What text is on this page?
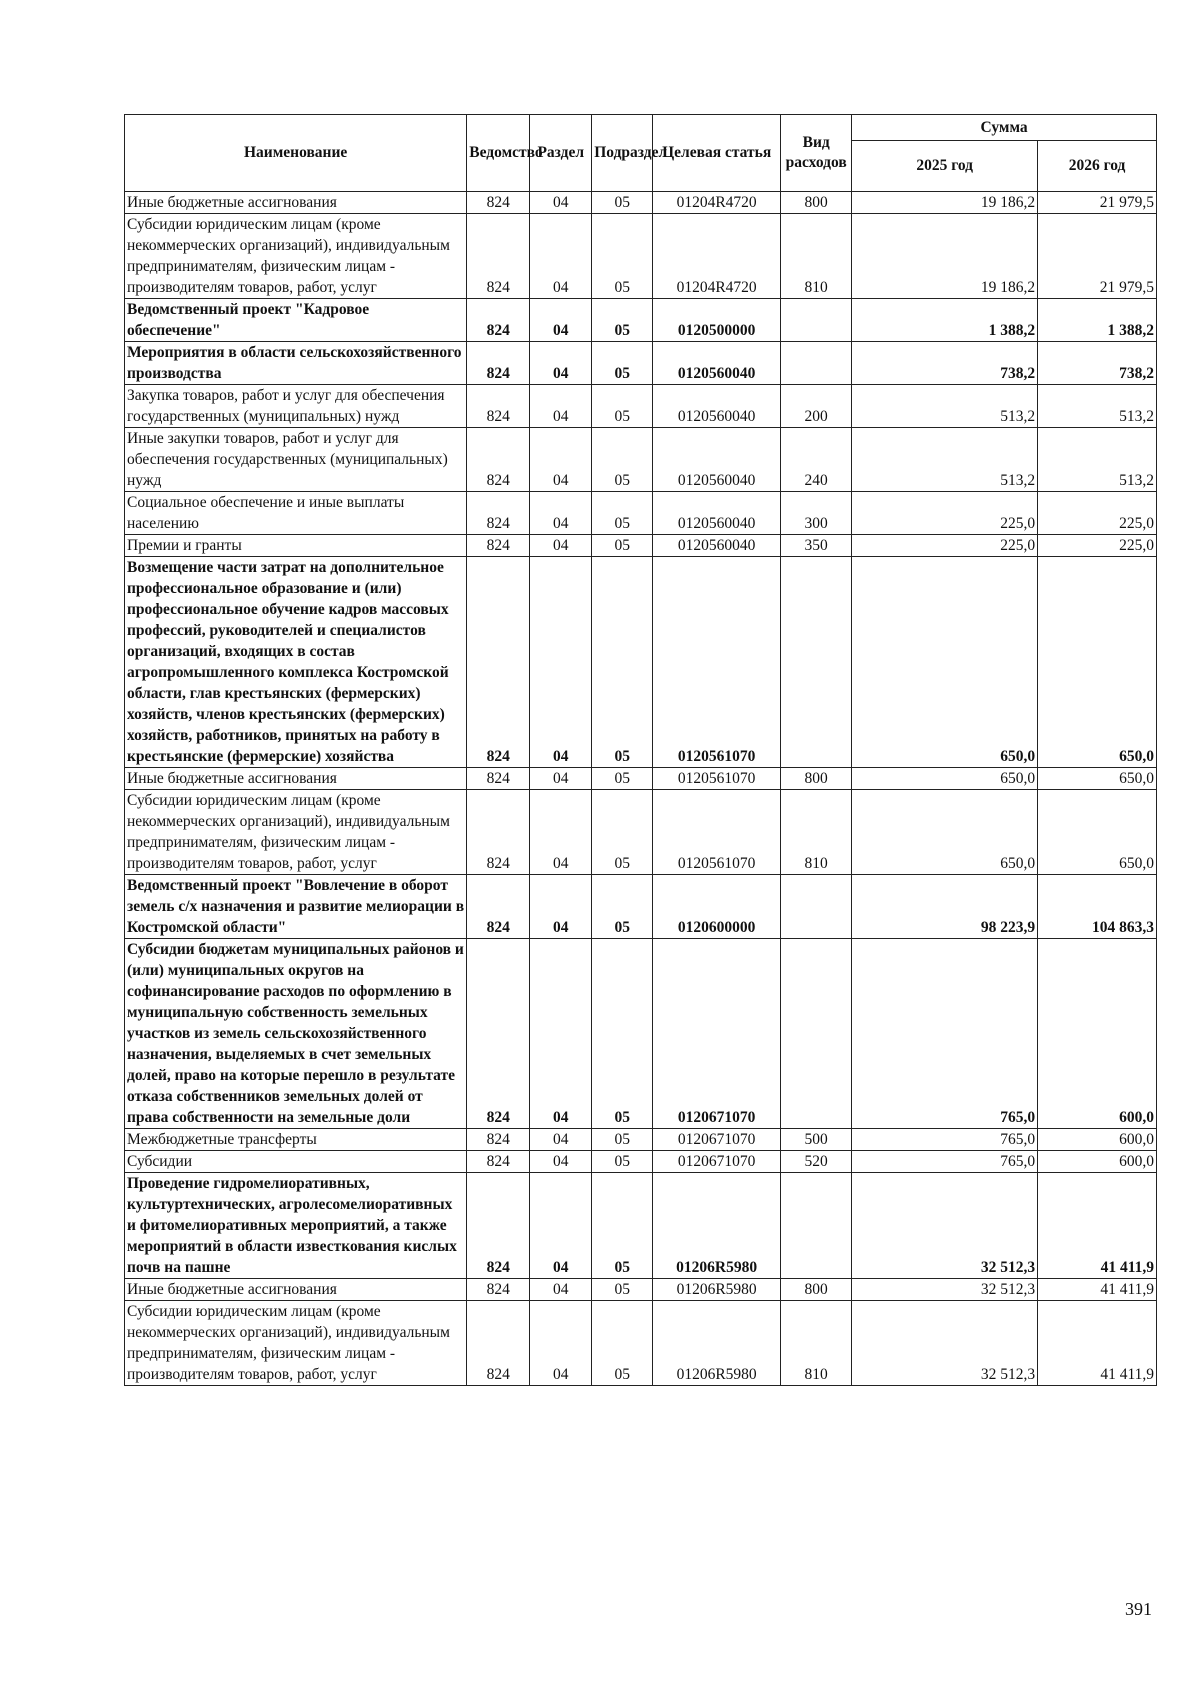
Наименование	Ведомство	Раздел	Подраздел	Целевая статья	Вид расходов	Сумма	
						2025 год	2026 год
Иные бюджетные ассигнования	824	04	05	01204R4720	800	19 186,2	21 979,5
Субсидии юридическим лицам (кроме некоммерческих организаций), индивидуальным предпринимателям, физическим лицам - производителям товаров, работ, услуг	824	04	05	01204R4720	810	19 186,2	21 979,5
Ведомственный проект "Кадровое обеспечение"	824	04	05	0120500000		1 388,2	1 388,2
Мероприятия в области сельскохозяйственного производства	824	04	05	0120560040		738,2	738,2
Закупка товаров, работ и услуг для обеспечения государственных (муниципальных) нужд	824	04	05	0120560040	200	513,2	513,2
Иные закупки товаров, работ и услуг для обеспечения государственных (муниципальных) нужд	824	04	05	0120560040	240	513,2	513,2
Социальное обеспечение и иные выплаты населению	824	04	05	0120560040	300	225,0	225,0
Премии и гранты	824	04	05	0120560040	350	225,0	225,0
Возмещение части затрат на дополнительное профессиональное образование и (или) профессиональное обучение кадров массовых профессий, руководителей и специалистов организаций, входящих в состав агропромышленного комплекса Костромской области, глав крестьянских (фермерских) хозяйств, членов крестьянских (фермерских) хозяйств, работников, принятых на работу в крестьянские (фермерские) хозяйства	824	04	05	0120561070		650,0	650,0
Иные бюджетные ассигнования	824	04	05	0120561070	800	650,0	650,0
Субсидии юридическим лицам (кроме некоммерческих организаций), индивидуальным предпринимателям, физическим лицам - производителям товаров, работ, услуг	824	04	05	0120561070	810	650,0	650,0
Ведомственный проект "Вовлечение в оборот земель с/х назначения и развитие мелиорации в Костромской области"	824	04	05	0120600000		98 223,9	104 863,3
Субсидии бюджетам муниципальных районов и (или) муниципальных округов на софинансирование расходов по оформлению в муниципальную собственность земельных участков из земель сельскохозяйственного назначения, выделяемых в счет земельных долей, право на которые перешло в результате отказа собственников земельных долей от права собственности на земельные доли	824	04	05	0120671070		765,0	600,0
Межбюджетные трансферты	824	04	05	0120671070	500	765,0	600,0
Субсидии	824	04	05	0120671070	520	765,0	600,0
Проведение гидромелиоративных, культуртехнических, агролесомелиоративных и фитомелиоративных мероприятий, а также мероприятий в области известкования кислых почв на пашне	824	04	05	01206R5980		32 512,3	41 411,9
Иные бюджетные ассигнования	824	04	05	01206R5980	800	32 512,3	41 411,9
Субсидии юридическим лицам (кроме некоммерческих организаций), индивидуальным предпринимателям, физическим лицам - производителям товаров, работ, услуг	824	04	05	01206R5980	810	32 512,3	41 411,9
391
